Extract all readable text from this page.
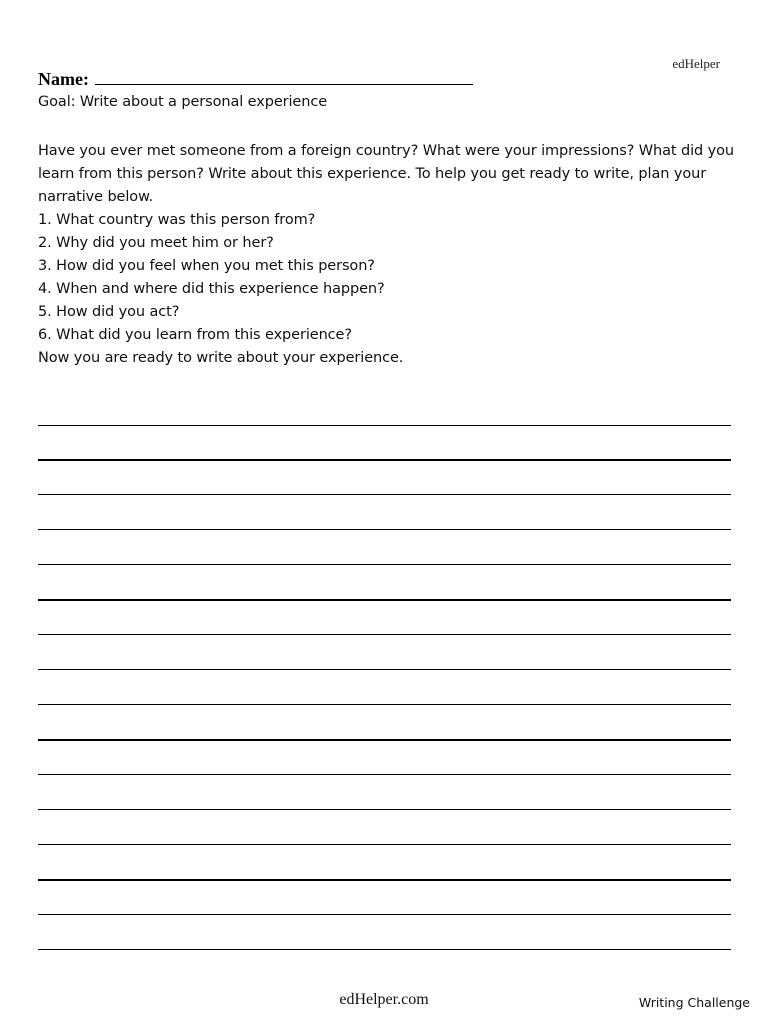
edHelper
Name:
Goal: Write about a personal experience

Have you ever met someone from a foreign country? What were your impressions? What did you learn from this person? Write about this experience. To help you get ready to write, plan your narrative below.

1. What country was this person from?
2. Why did you meet him or her?
3. How did you feel when you met this person?
4. When and where did this experience happen?
5. How did you act?
6. What did you learn from this experience?

Now you are ready to write about your experience.

edHelper.com	Writing Challenge
